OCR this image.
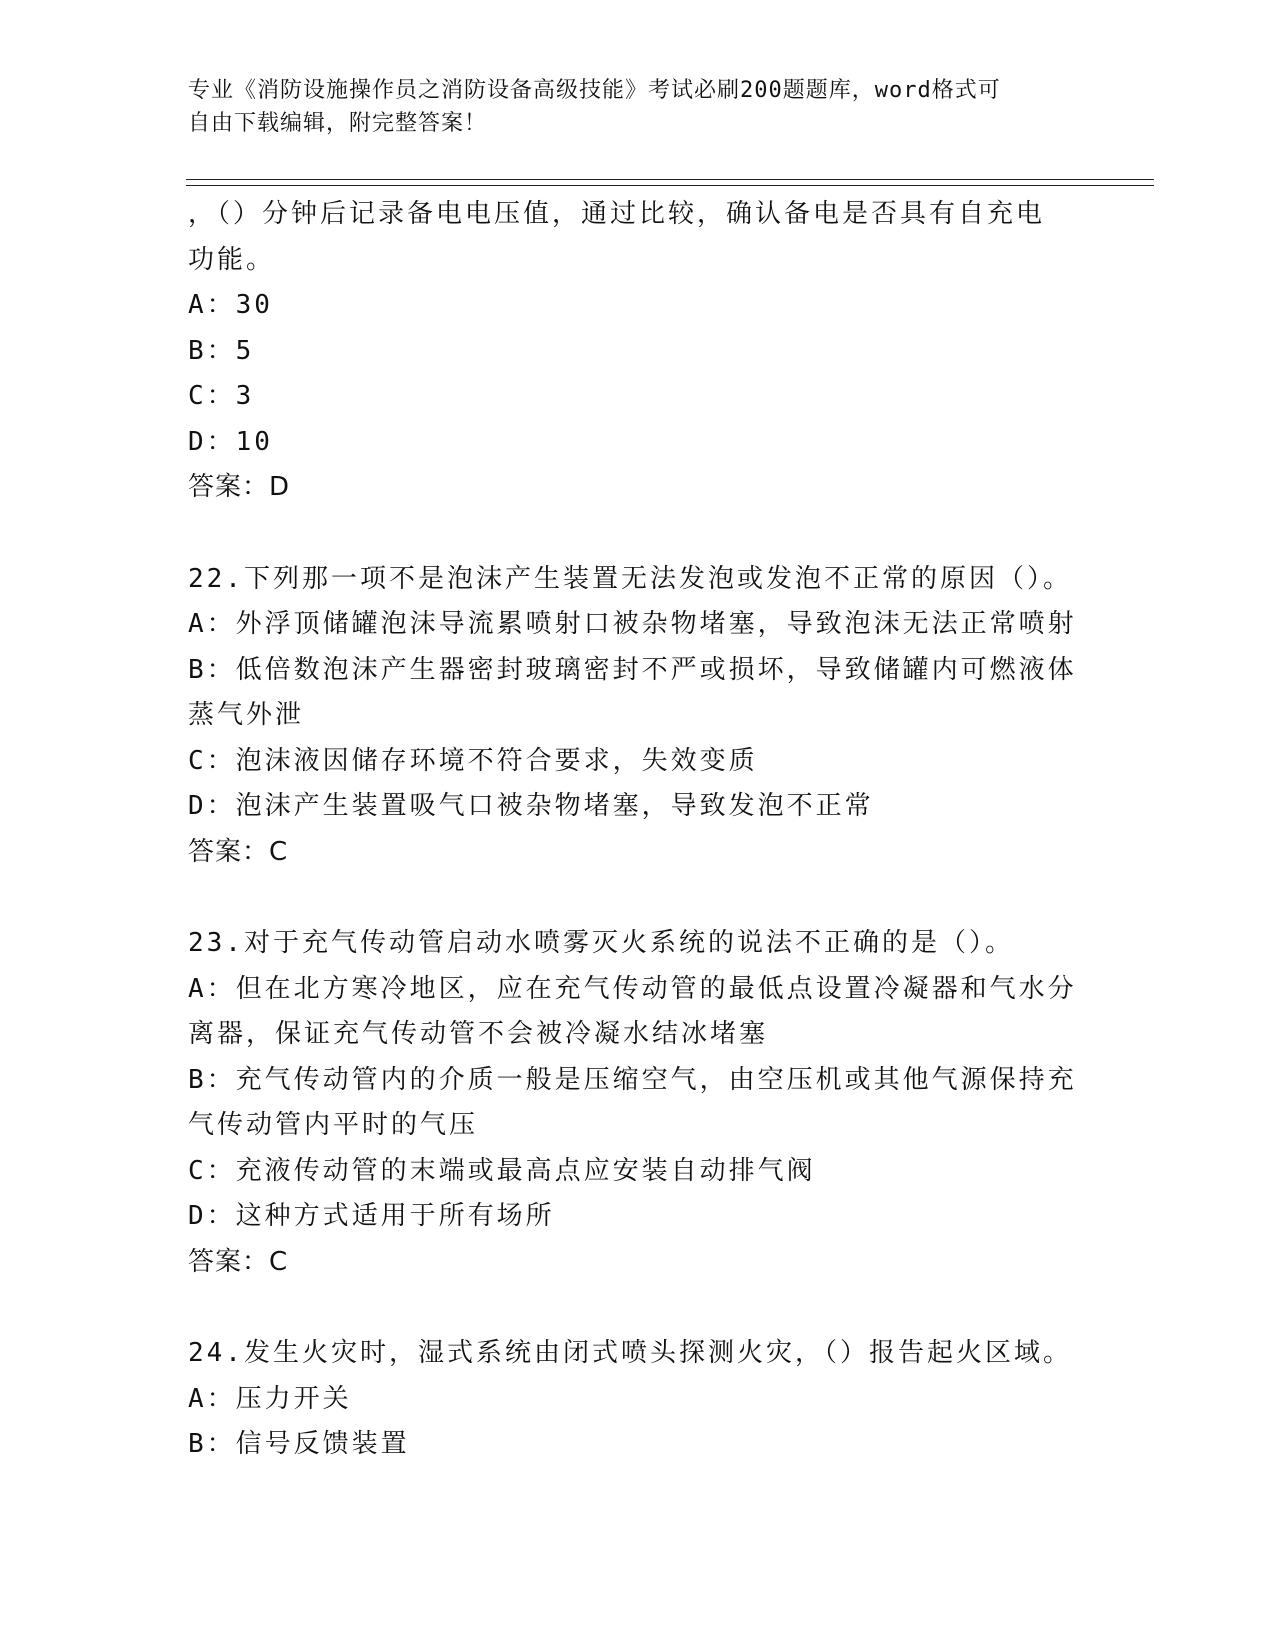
专业《消防设施操作员之消防设备高级技能》考试必刷200题题库，word格式可
自由下载编辑，附完整答案！
，（）分钟后记录备电电压值，通过比较，确认备电是否具有自充电
功能。
A：30
B：5
C：3
D：10
答案：D
22.下列那一项不是泡沫产生装置无法发泡或发泡不正常的原因（）。
A：外浮顶储罐泡沫导流累喷射口被杂物堵塞，导致泡沫无法正常喷射
B：低倍数泡沫产生器密封玻璃密封不严或损坏，导致储罐内可燃液体
蒸气外泄
C：泡沫液因储存环境不符合要求，失效变质
D：泡沫产生装置吸气口被杂物堵塞，导致发泡不正常
答案：C
23.对于充气传动管启动水喷雾灭火系统的说法不正确的是（）。
A：但在北方寒冷地区，应在充气传动管的最低点设置冷凝器和气水分
离器，保证充气传动管不会被冷凝水结冰堵塞
B：充气传动管内的介质一般是压缩空气，由空压机或其他气源保持充
气传动管内平时的气压
C：充液传动管的末端或最高点应安装自动排气阀
D：这种方式适用于所有场所
答案：C
24.发生火灾时，湿式系统由闭式喷头探测火灾，（）报告起火区域。
A：压力开关
B：信号反馈装置
